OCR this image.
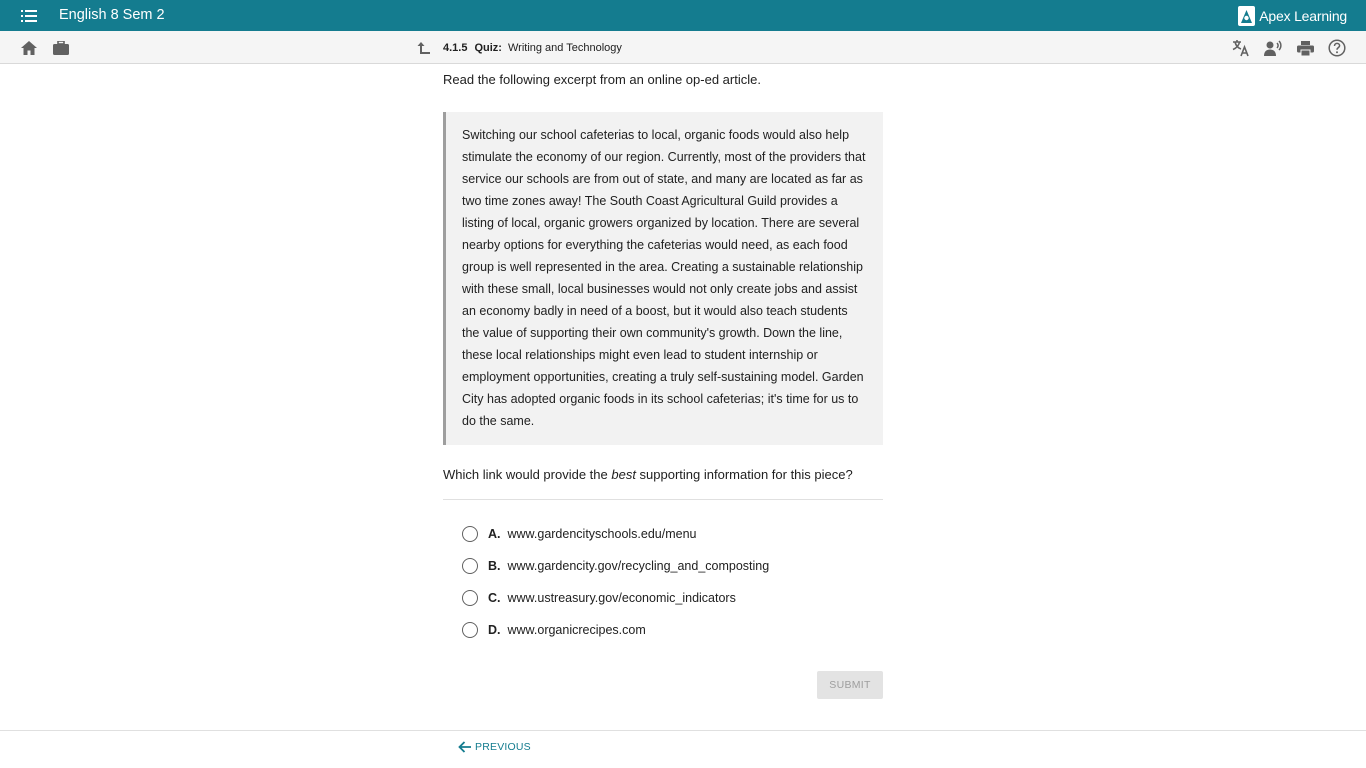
English 8 Sem 2	Apex Learning
4.1.5 Quiz: Writing and Technology

Read the following excerpt from an online op-ed article.

Switching our school cafeterias to local, organic foods would also help stimulate the economy of our region. Currently, most of the providers that service our schools are from out of state, and many are located as far as two time zones away! The South Coast Agricultural Guild provides a listing of local, organic growers organized by location. There are several nearby options for everything the cafeterias would need, as each food group is well represented in the area. Creating a sustainable relationship with these small, local businesses would not only create jobs and assist an economy badly in need of a boost, but it would also teach students the value of supporting their own community's growth. Down the line, these local relationships might even lead to student internship or employment opportunities, creating a truly self-sustaining model. Garden City has adopted organic foods in its school cafeterias; it's time for us to do the same.

Which link would provide the best supporting information for this piece?

A. www.gardencityschools.edu/menu
B. www.gardencity.gov/recycling_and_composting
C. www.ustreasury.gov/economic_indicators
D. www.organicrecipes.com
SUBMIT
PREVIOUS
